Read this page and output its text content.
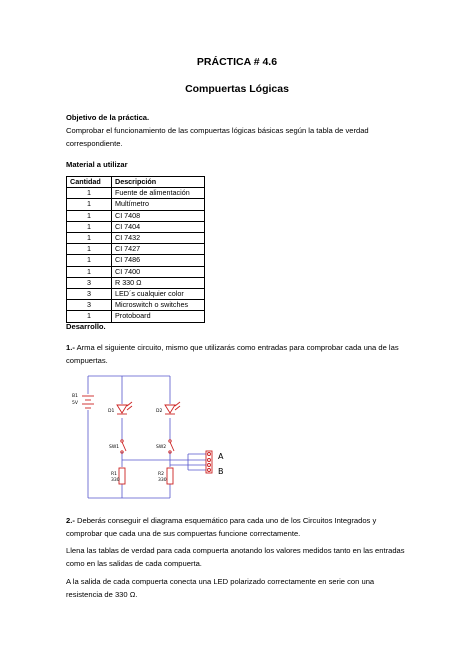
PRÁCTICA # 4.6
Compuertas Lógicas
Objetivo de la práctica.
Comprobar el funcionamiento de las compuertas lógicas básicas según la tabla de verdad correspondiente.
Material a utilizar
Cantidad	Descripción
1	Fuente de alimentación
1	Multímetro
1	CI 7408
1	CI 7404
1	CI 7432
1	CI 7427
1	CI 7486
1	CI 7400
3	R 330 Ω
3	LED´s cualquier color
3	Microswitch o switches
1	Protoboard
Desarrollo.
1.- Arma el siguiente circuito, mismo que utilizarás como entradas para comprobar cada una de las compuertas.
B1
5V
D1	D2
SW1	SW2
R1
330
R2
330
A
B
2.- Deberás conseguir el diagrama esquemático para cada uno de los Circuitos Integrados y comprobar que cada una de sus compuertas funcione correctamente.
Llena las tablas de verdad para cada compuerta anotando los valores medidos tanto en las entradas como en las salidas de cada compuerta.
A la salida de cada compuerta conecta una LED polarizado correctamente en serie con una resistencia de 330 Ω.
